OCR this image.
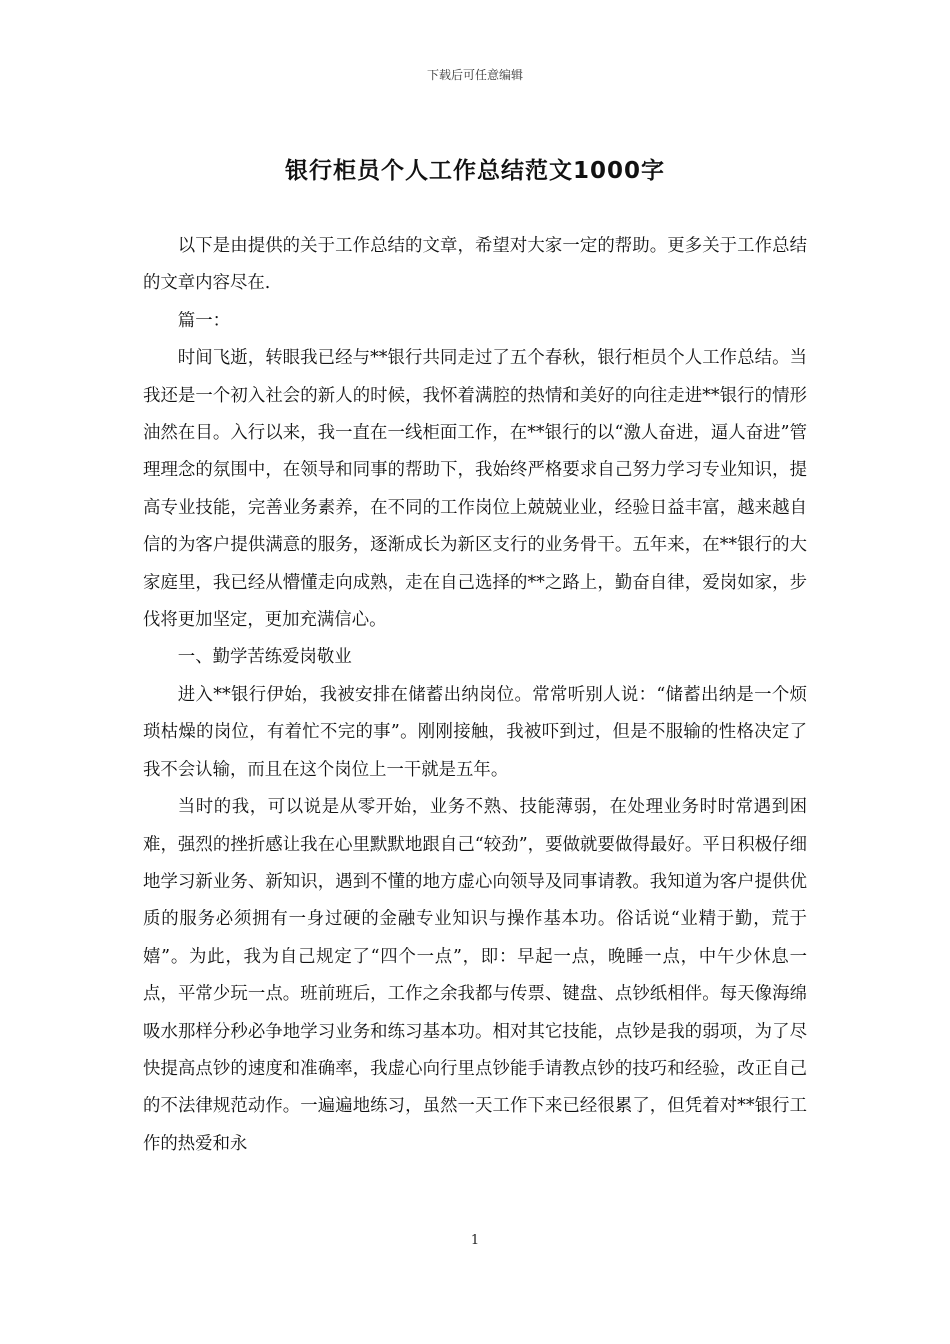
下载后可任意编辑
银行柜员个人工作总结范文1000字

以下是由提供的关于工作总结的文章，希望对大家一定的帮助。更多关于工作总结的文章内容尽在.

篇一：

时间飞逝，转眼我已经与**银行共同走过了五个春秋，银行柜员个人工作总结。当我还是一个初入社会的新人的时候，我怀着满腔的热情和美好的向往走进**银行的情形油然在目。入行以来，我一直在一线柜面工作，在**银行的以“激人奋进，逼人奋进”管理理念的氛围中，在领导和同事的帮助下，我始终严格要求自己努力学习专业知识，提高专业技能，完善业务素养，在不同的工作岗位上兢兢业业，经验日益丰富，越来越自信的为客户提供满意的服务，逐渐成长为新区支行的业务骨干。五年来，在**银行的大家庭里，我已经从懵懂走向成熟，走在自己选择的**之路上，勤奋自律，爱岗如家，步伐将更加坚定，更加充满信心。

一、勤学苦练爱岗敬业

进入**银行伊始，我被安排在储蓄出纳岗位。常常听别人说：“储蓄出纳是一个烦琐枯燥的岗位，有着忙不完的事”。刚刚接触，我被吓到过，但是不服输的性格决定了我不会认输，而且在这个岗位上一干就是五年。

当时的我，可以说是从零开始，业务不熟、技能薄弱，在处理业务时时常遇到困难，强烈的挫折感让我在心里默默地跟自己“较劲”，要做就要做得最好。平日积极仔细地学习新业务、新知识，遇到不懂的地方虚心向领导及同事请教。我知道为客户提供优质的服务必须拥有一身过硬的金融专业知识与操作基本功。俗话说“业精于勤，荒于嬉”。为此，我为自己规定了“四个一点”，即：早起一点，晚睡一点，中午少休息一点，平常少玩一点。班前班后，工作之余我都与传票、键盘、点钞纸相伴。每天像海绵吸水那样分秒必争地学习业务和练习基本功。相对其它技能，点钞是我的弱项，为了尽快提高点钞的速度和准确率，我虚心向行里点钞能手请教点钞的技巧和经验，改正自己的不法律规范动作。一遍遍地练习，虽然一天工作下来已经很累了，但凭着对**银行工作的热爱和永

1
